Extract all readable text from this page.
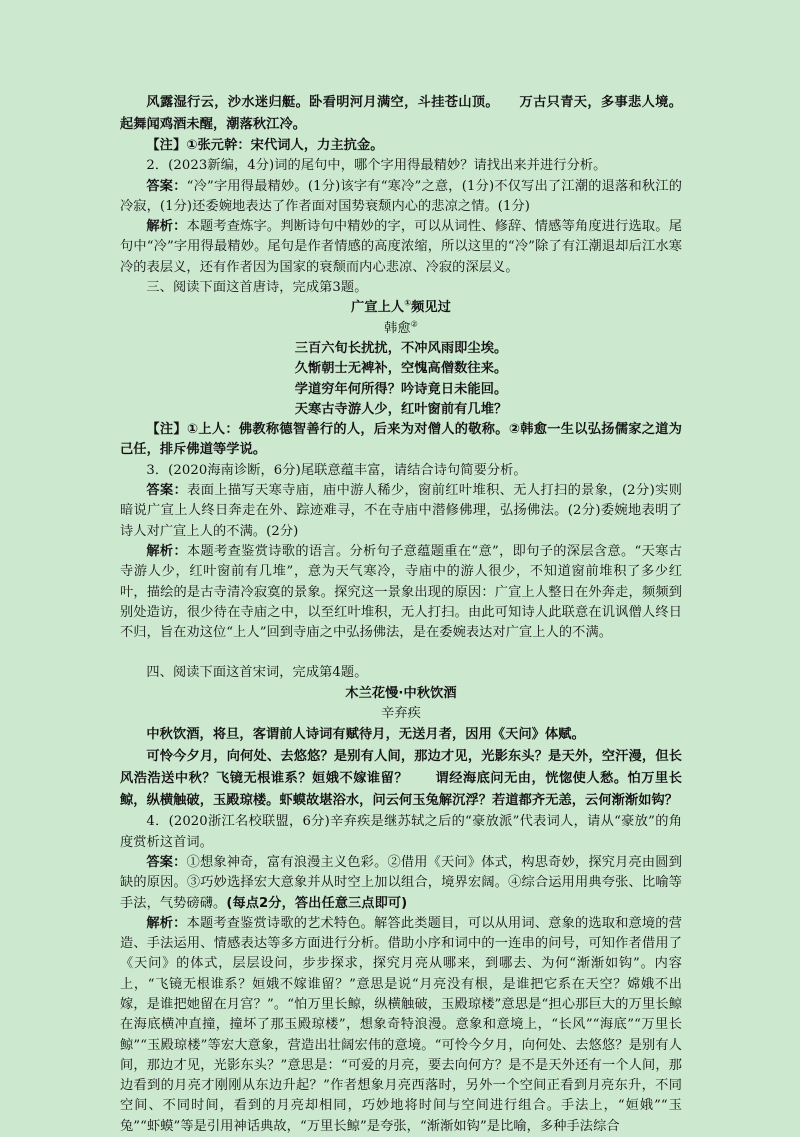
风露湿行云，沙水迷归艇。卧看明河月满空，斗挂苍山顶。　　万古只青天，多事悲人境。起舞闻鸡酒未醒，潮落秋江冷。

【注】①张元幹：宋代词人，力主抗金。

2．(2023新编，4分)词的尾句中，哪个字用得最精妙？请找出来并进行分析。

答案：“冷”字用得最精妙。(1分)该字有“寒冷”之意，(1分)不仅写出了江潮的退落和秋江的冷寂，(1分)还委婉地表达了作者面对国势衰颓内心的悲凉之情。(1分)

解析：本题考查炼字。判断诗句中精妙的字，可以从词性、修辞、情感等角度进行选取。尾句中“冷”字用得最精妙。尾句是作者情感的高度浓缩，所以这里的“冷”除了有江潮退却后江水寒冷的表层义，还有作者因为国家的衰颓而内心悲凉、冷寂的深层义。

三、阅读下面这首唐诗，完成第3题。

广宣上人①频见过

韩愈②

三百六旬长扰扰，不冲风雨即尘埃。

久惭朝士无裨补，空愧高僧数往来。

学道穷年何所得？吟诗竟日未能回。

天寒古寺游人少，红叶窗前有几堆？

【注】①上人：佛教称德智善行的人，后来为对僧人的敬称。②韩愈一生以弘扬儒家之道为己任，排斥佛道等学说。

3．(2020海南诊断，6分)尾联意蕴丰富，请结合诗句简要分析。

答案：表面上描写天寒寺庙，庙中游人稀少，窗前红叶堆积、无人打扫的景象，(2分)实则暗说广宣上人终日奔走在外、踪迹难寻，不在寺庙中潜修佛理，弘扬佛法。(2分)委婉地表明了诗人对广宣上人的不满。(2分)

解析：本题考查鉴赏诗歌的语言。分析句子意蕴题重在“意”，即句子的深层含意。“天寒古寺游人少，红叶窗前有几堆”，意为天气寒冷，寺庙中的游人很少，不知道窗前堆积了多少红叶，描绘的是古寺清冷寂寞的景象。探究这一景象出现的原因：广宣上人整日在外奔走，频频到别处造访，很少待在寺庙之中，以至红叶堆积，无人打扫。由此可知诗人此联意在讥讽僧人终日不归，旨在劝这位“上人”回到寺庙之中弘扬佛法，是在委婉表达对广宣上人的不满。

四、阅读下面这首宋词，完成第4题。

木兰花慢·中秋饮酒

辛弃疾

中秋饮酒，将旦，客谓前人诗词有赋待月，无送月者，因用《天问》体赋。

可怜今夕月，向何处、去悠悠？是别有人间，那边才见，光影东头？是天外，空汗漫，但长风浩浩送中秋？飞镜无根谁系？姮娥不嫁谁留？　　谓经海底问无由，恍惚使人愁。怕万里长鲸，纵横触破，玉殿琼楼。虾蟆故堪浴水，问云何玉兔解沉浮？若道都齐无恙，云何渐渐如钩？

4．(2020浙江名校联盟，6分)辛弃疾是继苏轼之后的“豪放派”代表词人，请从“豪放”的角度赏析这首词。

答案：①想象神奇，富有浪漫主义色彩。②借用《天问》体式，构思奇妙，探究月亮由圆到缺的原因。③巧妙选择宏大意象并从时空上加以组合，境界宏阔。④综合运用用典夸张、比喻等手法，气势磅礴。(每点2分，答出任意三点即可)

解析：本题考查鉴赏诗歌的艺术特色。解答此类题目，可以从用词、意象的选取和意境的营造、手法运用、情感表达等多方面进行分析。借助小序和词中的一连串的问号，可知作者借用了《天问》的体式，层层设问，步步探求，探究月亮从哪来，到哪去、为何“渐渐如钩”。内容上，“飞镜无根谁系？姮娥不嫁谁留？”意思是说“月亮没有根，是谁把它系在天空？嫦娥不出嫁，是谁把她留在月宫？”。“怕万里长鲸，纵横触破，玉殿琼楼”意思是“担心那巨大的万里长鲸在海底横冲直撞，撞坏了那玉殿琼楼”，想象奇特浪漫。意象和意境上，“长风”“海底”“万里长鲸”“玉殿琼楼”等宏大意象，营造出壮阔宏伟的意境。“可怜今夕月，向何处、去悠悠？是别有人间，那边才见，光影东头？”意思是：“可爱的月亮，要去向何方？是不是天外还有一个人间，那边看到的月亮才刚刚从东边升起？”作者想象月亮西落时，另外一个空间正看到月亮东升，不同空间、不同时间，看到的月亮却相同，巧妙地将时间与空间进行组合。手法上，“姮娥”“玉兔”“虾蟆”等是引用神话典故，“万里长鲸”是夸张，“渐渐如钩”是比喻，多种手法综合
